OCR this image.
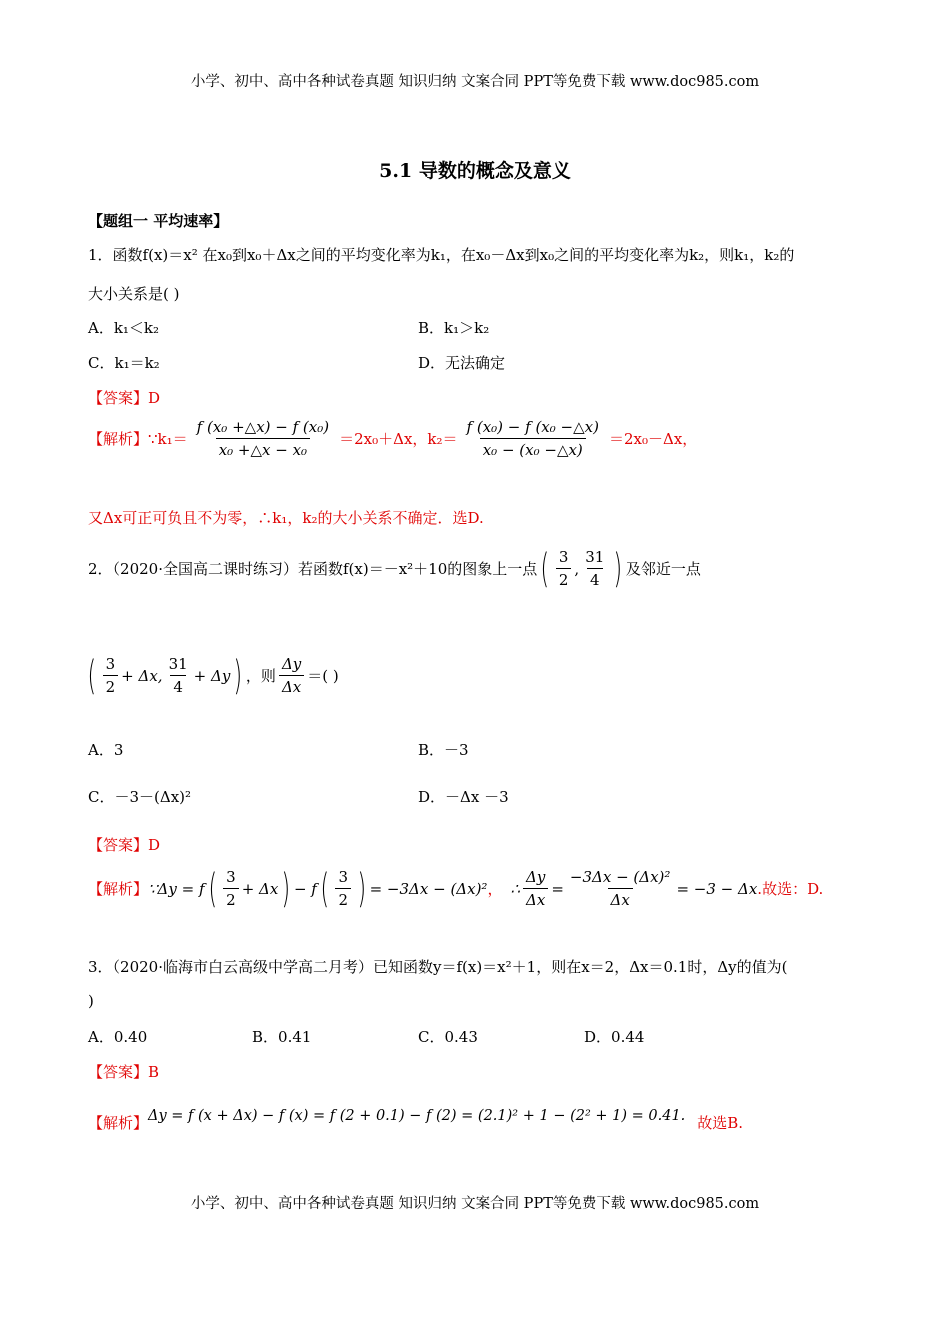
小学、初中、高中各种试卷真题 知识归纳 文案合同 PPT等免费下载 www.doc985.com
5.1 导数的概念及意义
【题组一 平均速率】
1．函数f(x)＝x² 在x₀到x₀＋Δx之间的平均变化率为k₁，在x₀－Δx到x₀之间的平均变化率为k₂，则k₁，k₂的
大小关系是( )
A．k₁＜k₂	B．k₁＞k₂
C．k₁＝k₂	D．无法确定
【答案】D
【解析】 ∵k₁＝ $\frac{\text{f (x₀ +△x) − f (x₀)}}{\text{x₀ +△x − x₀}} =2x_0+\Delta x$，$k_2= \frac{\text{f (x₀) − f (x₀ −△x)}}{\text{x₀ − (x₀ −△x)}} =2x_0-\Delta x$，
又Δx可正可负且不为零，∴k₁，k₂的大小关系不确定．选D.
2．（2020·全国高二课时练习）若函数f(x)＝－x²＋10的图象上一点 ( $\frac{3}{2}$ , $\frac{31}{4}$ ) 及邻近一点
( $\frac{3}{2} + \Delta x$, $\frac{31}{4} + \Delta y$ ) ，则 $\frac{\Delta y}{\Delta x}$ ＝( )
A．3	B．－3
C．－3－(Δx)²	D．－Δx －3
【答案】D
【解析】 ∵Δy = f ( $\frac{3}{2} + \Delta x$ ) − f ( $\frac{3}{2}$ ) = −3Δx − (Δx)² ， ∴ $\frac{\Delta y}{\Delta x} = \frac{\text{−3Δx − (Δx)²}}{\Delta x} = -3 - \Delta x$ .故选：D.
3．（2020·临海市白云高级中学高二月考）已知函数y＝f(x)＝x²＋1，则在x＝2，Δx＝0.1时，Δy的值为(
)
A．0.40	B．0.41	C．0.43	D．0.44
【答案】B
【解析】 Δy = f (x + Δx) − f (x) = f (2 + 0.1) − f (2) = (2.1)² + 1 − (2² + 1) = 0.41. 故选B.
小学、初中、高中各种试卷真题 知识归纳 文案合同 PPT等免费下载 www.doc985.com
